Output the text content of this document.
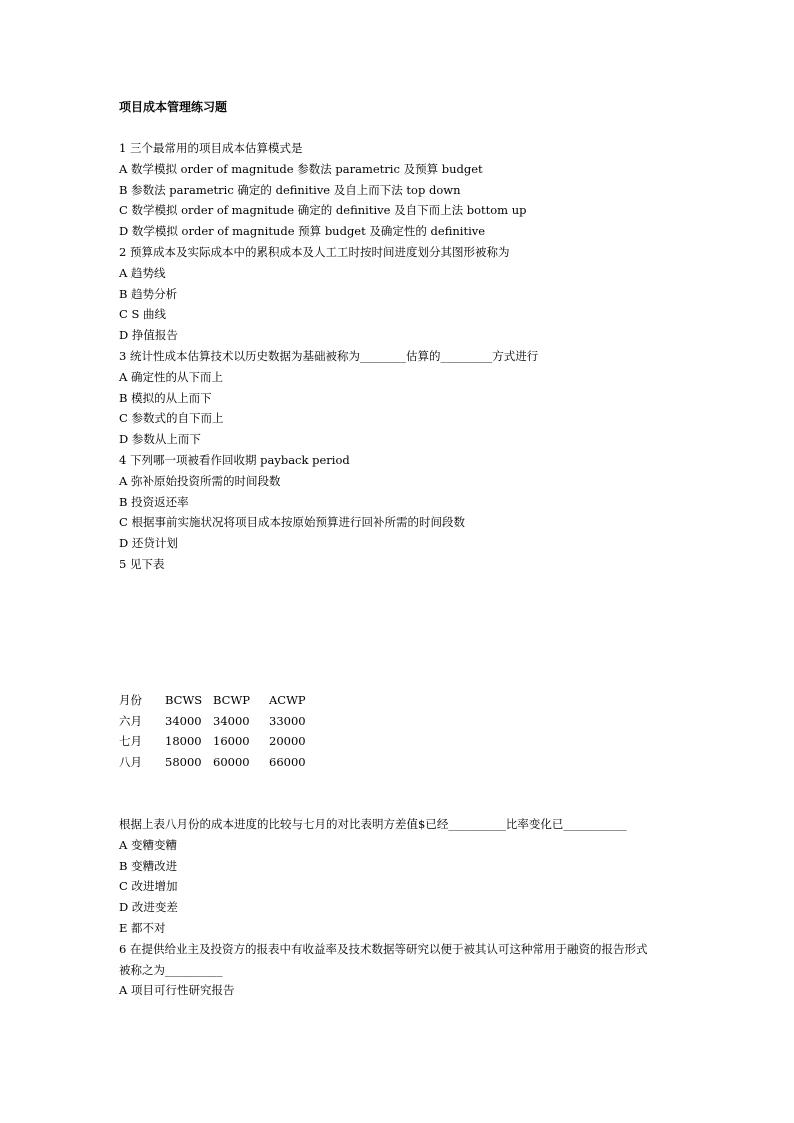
项目成本管理练习题
1 三个最常用的项目成本估算模式是
A 数学模拟 order of magnitude 参数法 parametric 及预算 budget
B 参数法 parametric 确定的 definitive 及自上而下法 top down
C 数学模拟 order of magnitude 确定的 definitive 及自下而上法 bottom up
D 数学模拟 order of magnitude 预算 budget 及确定性的 definitive
2 预算成本及实际成本中的累积成本及人工工时按时间进度划分其图形被称为
A 趋势线
B 趋势分析
C S 曲线
D 挣值报告
3 统计性成本估算技术以历史数据为基础被称为________估算的_________方式进行
A 确定性的从下而上
B 模拟的从上而下
C 参数式的自下而上
D 参数从上而下
4 下列哪一项被看作回收期 payback period
A 弥补原始投资所需的时间段数
B 投资返还率
C 根据事前实施状况将项目成本按原始预算进行回补所需的时间段数
D 还贷计划
5 见下表
月份	BCWS	BCWP	ACWP
六月	34000	34000	33000
七月	18000	16000	20000
八月	58000	60000	66000
根据上表八月份的成本进度的比较与七月的对比表明方差值$已经__________比率变化已___________
A 变糟变糟
B 变糟改进
C 改进增加
D 改进变差
E 都不对
6 在提供给业主及投资方的报表中有收益率及技术数据等研究以便于被其认可这种常用于融资的报告形式
被称之为__________
A 项目可行性研究报告
